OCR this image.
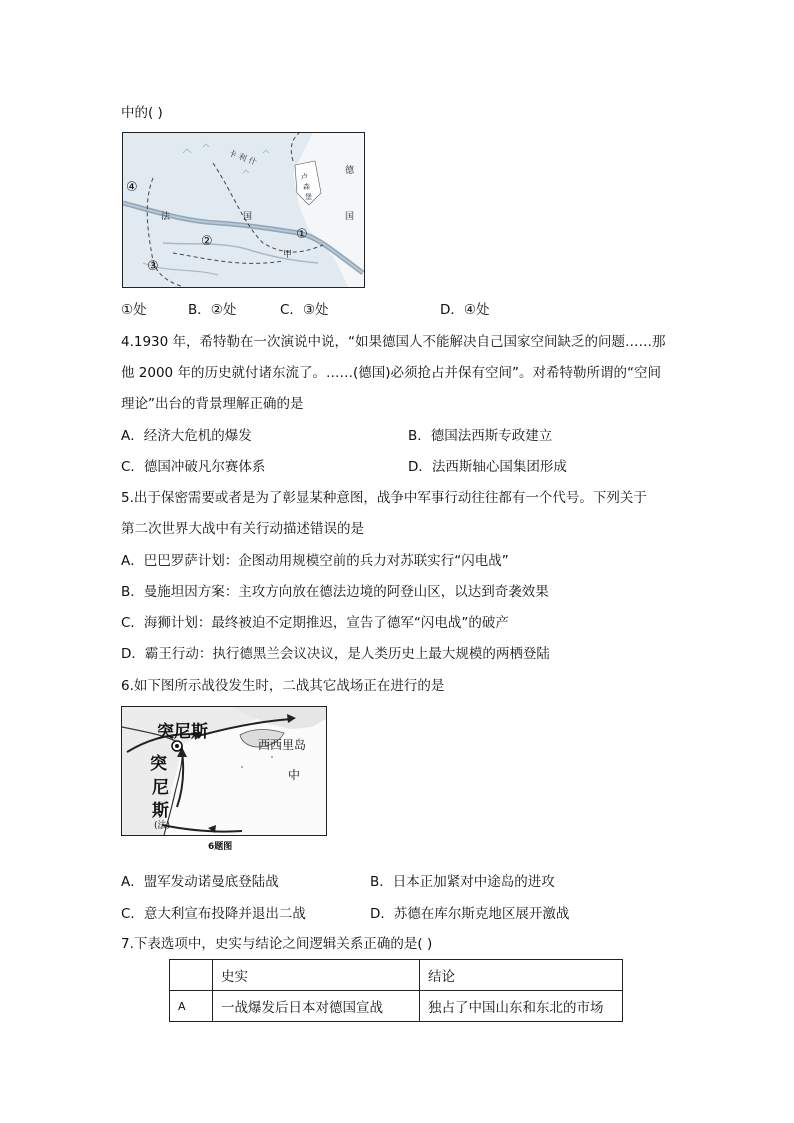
中的( )
卡 利 什
德
国
卢
森
堡
法	国
甲
①
②
③
④
①处	B．②处	C．③处	D．④处
4.1930 年，希特勒在一次演说中说，“如果德国人不能解决自己国家空间缺乏的问题……那
他 2000 年的历史就付诸东流了。……(德国)必须抢占并保有空间”。对希特勒所谓的“空间
理论”出台的背景理解正确的是
A．经济大危机的爆发	B．德国法西斯专政建立
C．德国冲破凡尔赛体系	D．法西斯轴心国集团形成
5.出于保密需要或者是为了彰显某种意图，战争中军事行动往往都有一个代号。下列关于
第二次世界大战中有关行动描述错误的是
A．巴巴罗萨计划：企图动用规模空前的兵力对苏联实行“闪电战”
B．曼施坦因方案：主攻方向放在德法边境的阿登山区，以达到奇袭效果
C．海狮计划：最终被迫不定期推迟，宣告了德军“闪电战”的破产
D．霸王行动：执行德黑兰会议决议，是人类历史上最大规模的两栖登陆
6.如下图所示战役发生时，二战其它战场正在进行的是
突尼斯
突
尼
斯
(法)
西西里岛
中
6题图
A．盟军发动诺曼底登陆战	B．日本正加紧对中途岛的进攻
C．意大利宣布投降并退出二战	D．苏德在库尔斯克地区展开激战
7.下表选项中，史实与结论之间逻辑关系正确的是( )
	史实	结论
A	一战爆发后日本对德国宣战	独占了中国山东和东北的市场
